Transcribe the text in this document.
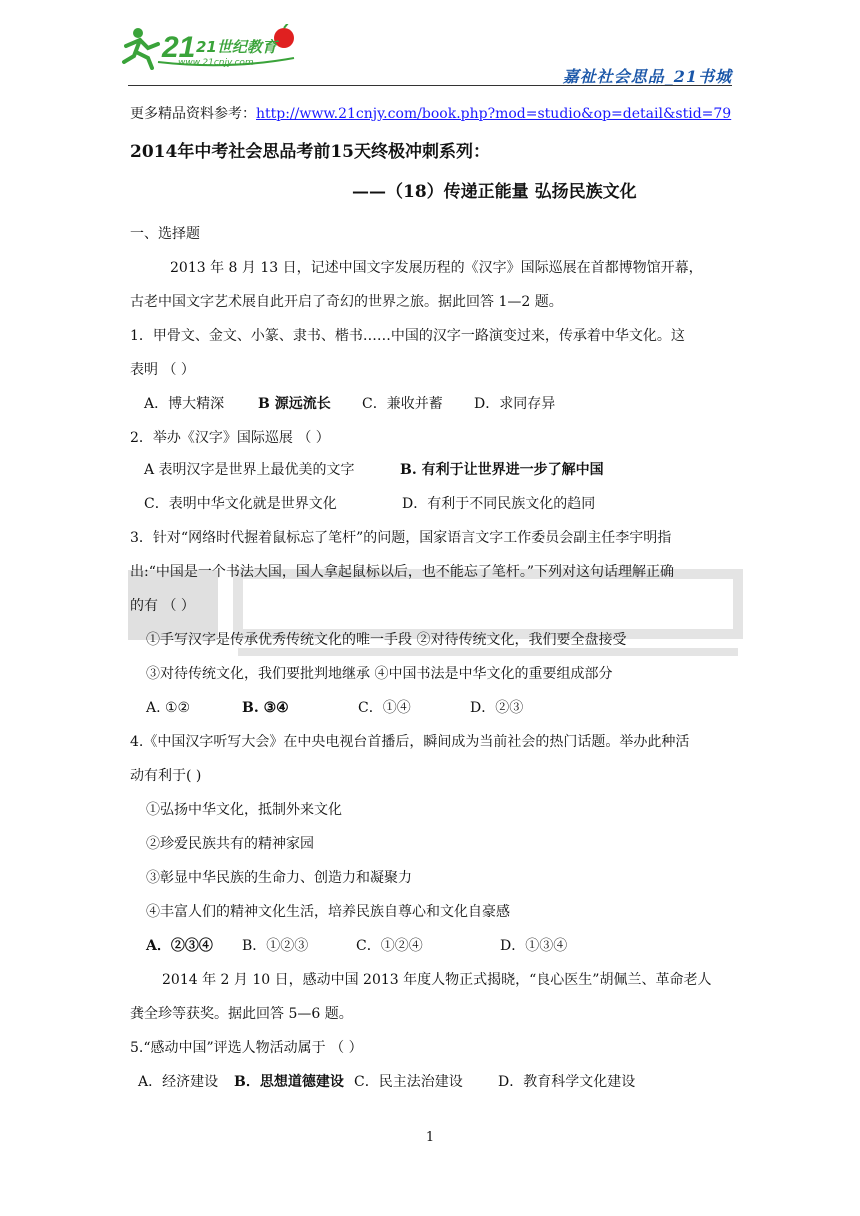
21 21世纪教育
www.21cnjy.com
嘉祉社会思品_21书城
更多精品资料参考：http://www.21cnjy.com/book.php?mod=studio&op=detail&stid=79
2014年中考社会思品考前15天终极冲刺系列：
——（18）传递正能量 弘扬民族文化
一、选择题
2013 年 8 月 13 日，记述中国文字发展历程的《汉字》国际巡展在首都博物馆开幕，
古老中国文字艺术展自此开启了奇幻的世界之旅。据此回答 1—2 题。
1．甲骨文、金文、小篆、隶书、楷书……中国的汉字一路演变过来，传承着中华文化。这
表明 （ ）
A．博大精深 B 源远流长 C．兼收并蓄 D．求同存异
2．举办《汉字》国际巡展 （ ）
A 表明汉字是世界上最优美的文字	B. 有利于让世界进一步了解中国
C．表明中华文化就是世界文化	D．有利于不同民族文化的趋同
3．针对“网络时代握着鼠标忘了笔杆”的问题，国家语言文字工作委员会副主任李宇明指
出:“中国是一个书法大国，国人拿起鼠标以后，也不能忘了笔杆。”下列对这句话理解正确
的有 （ ）
①手写汉字是传承优秀传统文化的唯一手段 ②对待传统文化，我们要全盘接受
③对待传统文化，我们要批判地继承 ④中国书法是中华文化的重要组成部分
A. ①②	B. ③④	C．①④	D．②③
4.《中国汉字听写大会》在中央电视台首播后，瞬间成为当前社会的热门话题。举办此种活
动有利于( )
①弘扬中华文化，抵制外来文化
②珍爱民族共有的精神家园
③彰显中华民族的生命力、创造力和凝聚力
④丰富人们的精神文化生活，培养民族自尊心和文化自豪感
A．②③④ B．①②③	C．①②④	D．①③④
2014 年 2 月 10 日，感动中国 2013 年度人物正式揭晓，“良心医生”胡佩兰、革命老人
龚全珍等获奖。据此回答 5—6 题。
5.“感动中国”评选人物活动属于 （ ）
A．经济建设 B．思想道德建设 C．民主法治建设	D．教育科学文化建设
1
